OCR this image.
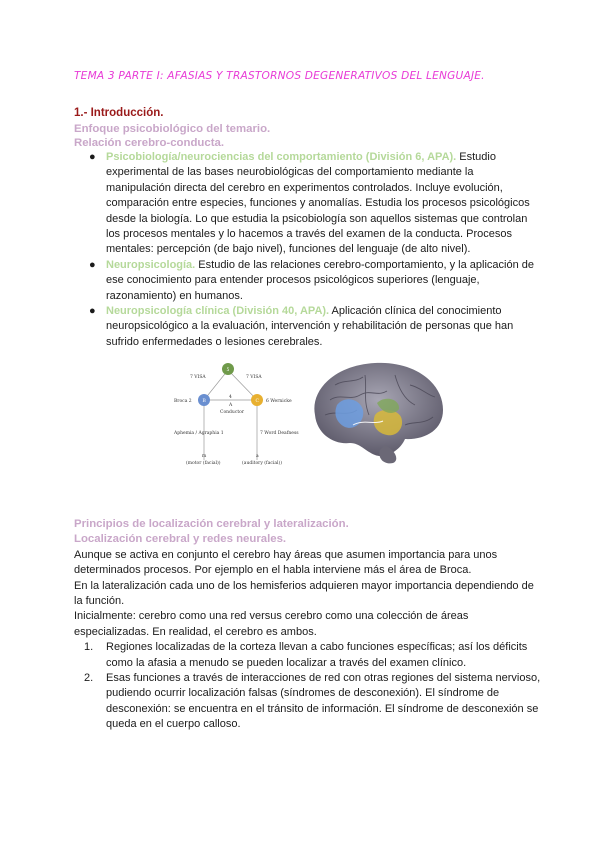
TEMA 3 PARTE I: AFASIAS Y TRASTORNOS DEGENERATIVOS DEL LENGUAJE.
1.- Introducción.
Enfoque psicobiológico del temario.
Relación cerebro-conducta.
● Psicobiología/neurociencias del comportamiento (División 6, APA). Estudio experimental de las bases neurobiológicas del comportamiento mediante la manipulación directa del cerebro en experimentos controlados. Incluye evolución, comparación entre especies, funciones y anomalías. Estudia los procesos psicológicos desde la biología. Lo que estudia la psicobiología son aquellos sistemas que controlan los procesos mentales y lo hacemos a través del examen de la conducta. Procesos mentales: percepción (de bajo nivel), funciones del lenguaje (de alto nivel).
● Neuropsicología. Estudio de las relaciones cerebro-comportamiento, y la aplicación de ese conocimiento para entender procesos psicológicos superiores (lenguaje, razonamiento) en humanos.
● Neuropsicología clínica (División 40, APA). Aplicación clínica del conocimiento neuropsicológico a la evaluación, intervención y rehabilitación de personas que han sufrido enfermedades o lesiones cerebrales.
5
B	C
A
7 VISA	7 VISA
Broca 2	6 Wernicke
4
Conductor
Aphemia / Agraphia 1	7 Word Deafness
m	a
(motor (facial))	(auditory (facial))
Principios de localización cerebral y lateralización.
Localización cerebral y redes neurales.
Aunque se activa en conjunto el cerebro hay áreas que asumen importancia para unos determinados procesos. Por ejemplo en el habla interviene más el área de Broca.
En la lateralización cada uno de los hemisferios adquieren mayor importancia dependiendo de la función.
Inicialmente: cerebro como una red versus cerebro como una colección de áreas especializadas. En realidad, el cerebro es ambos.
1. Regiones localizadas de la corteza llevan a cabo funciones específicas; así los déficits como la afasia a menudo se pueden localizar a través del examen clínico.
2. Esas funciones a través de interacciones de red con otras regiones del sistema nervioso, pudiendo ocurrir localización falsas (síndromes de desconexión). El síndrome de desconexión: se encuentra en el tránsito de información. El síndrome de desconexión se queda en el cuerpo calloso.
